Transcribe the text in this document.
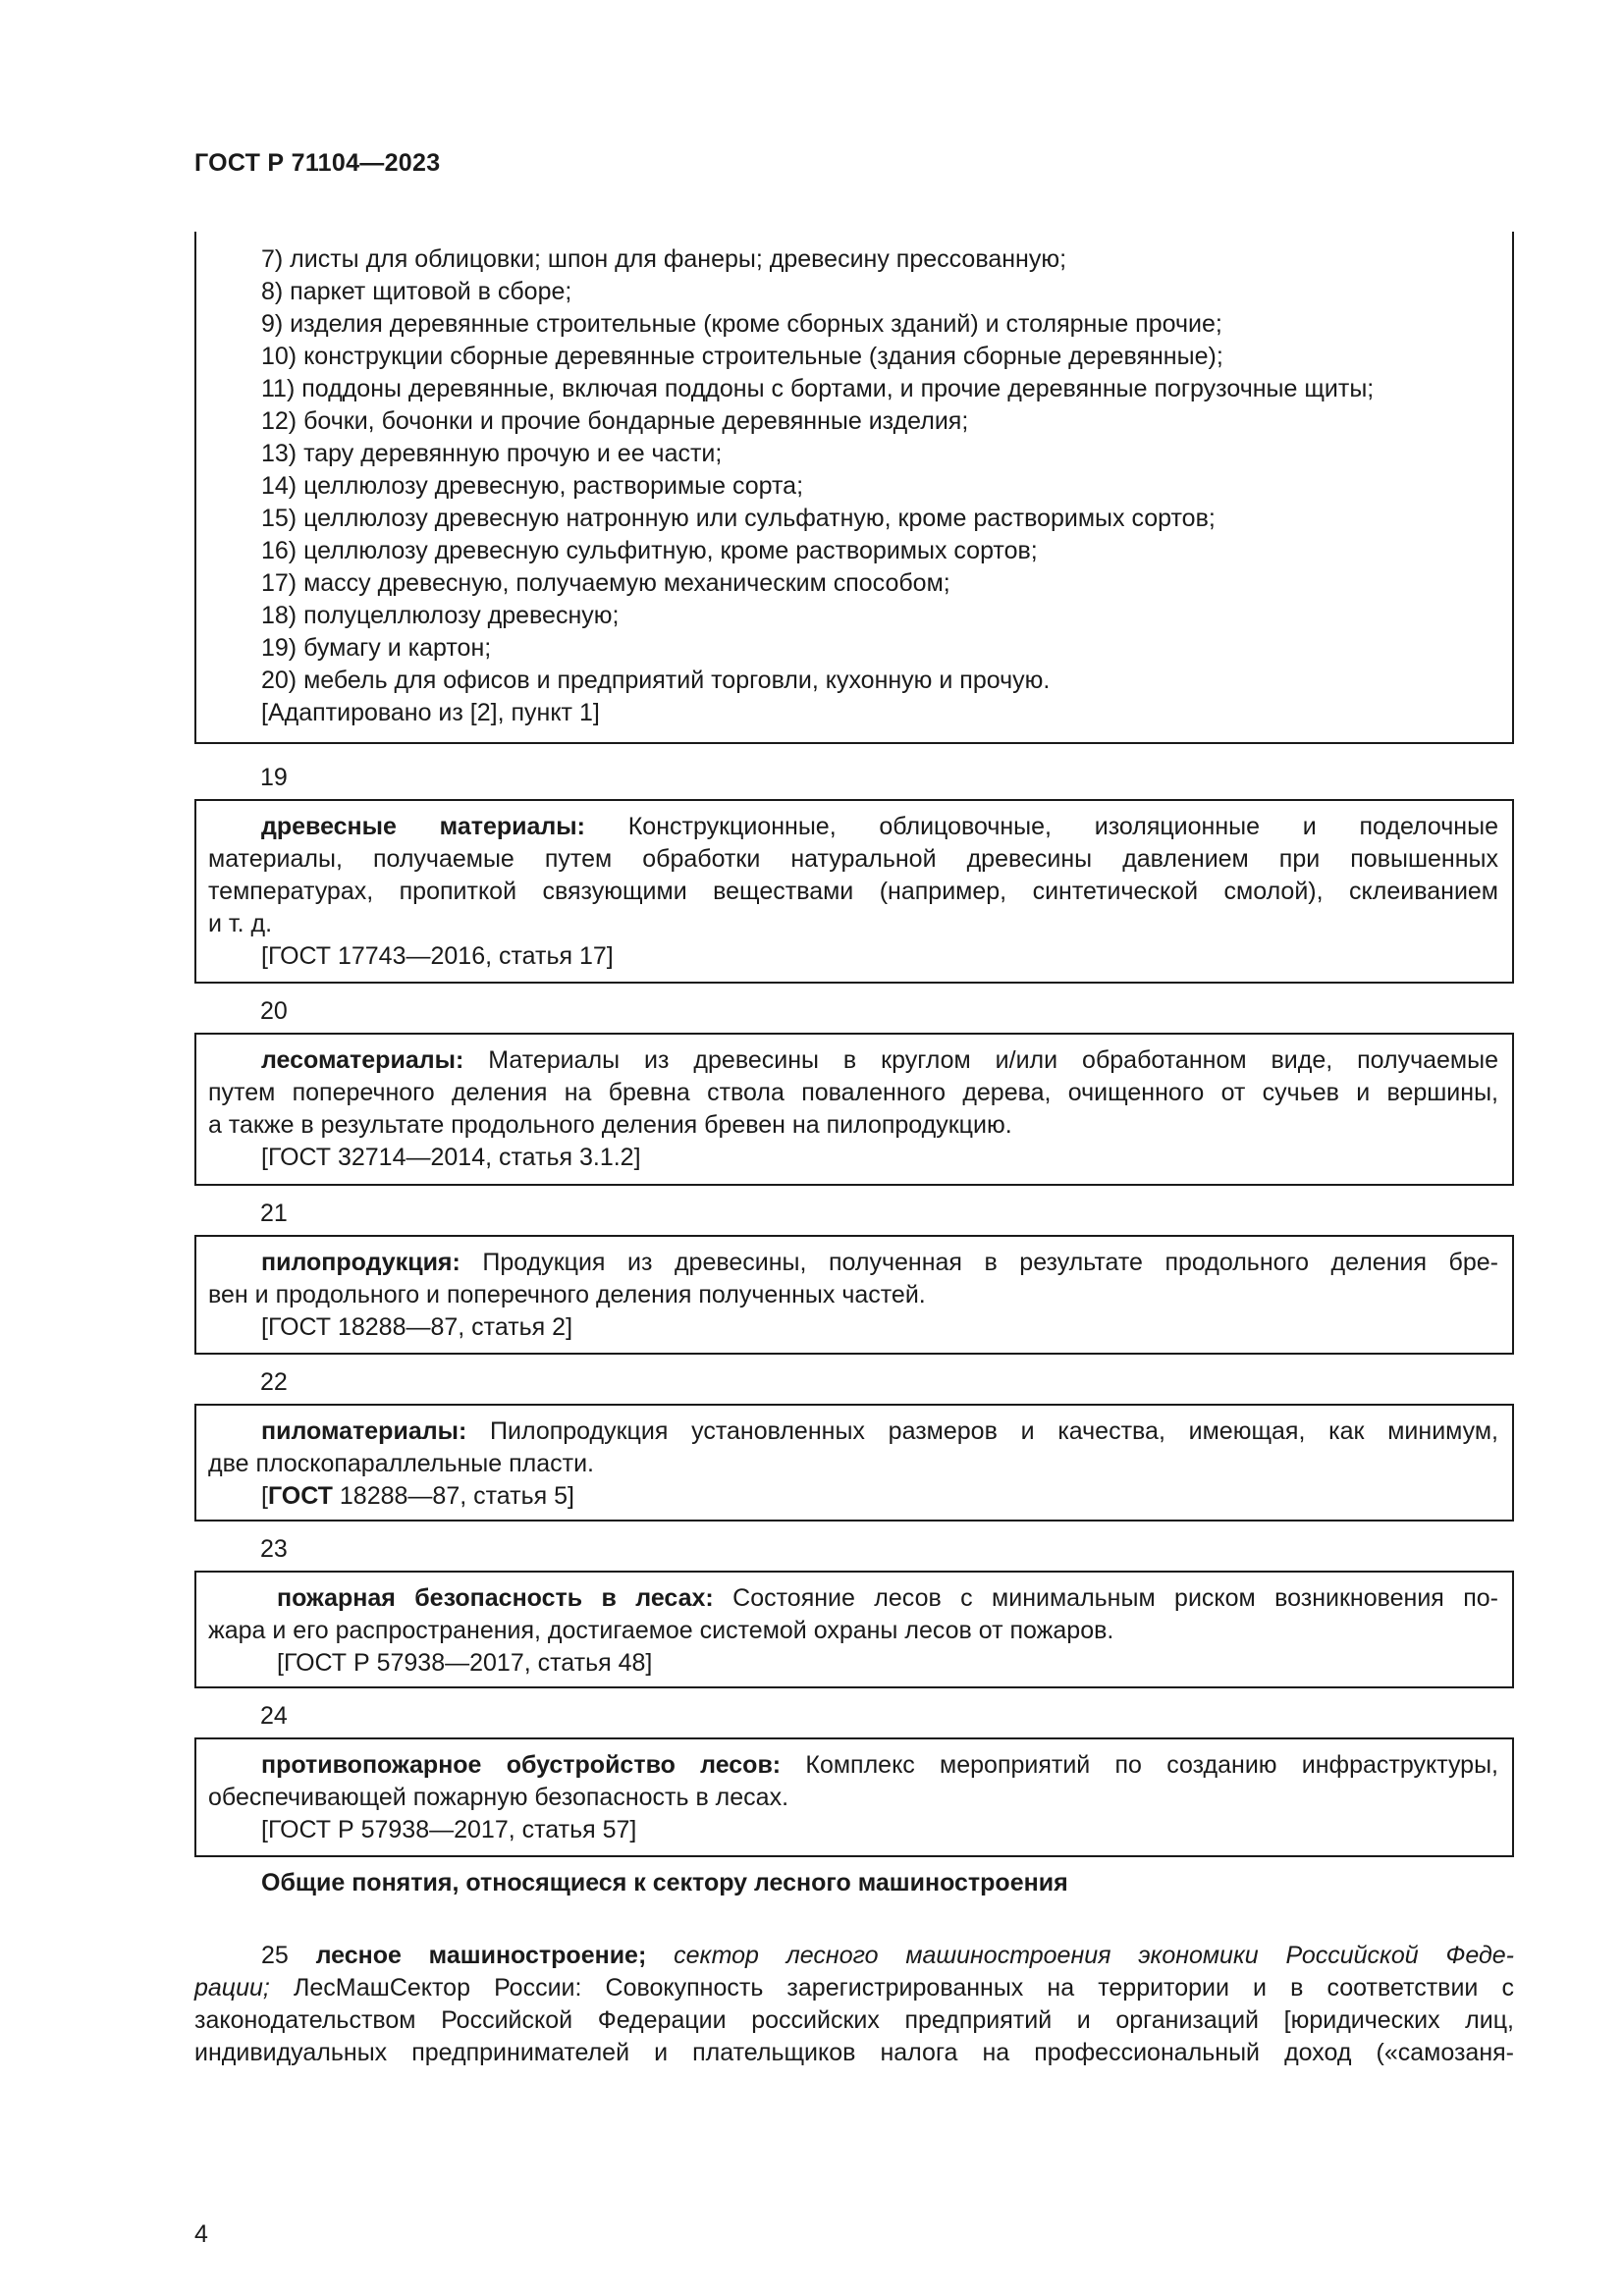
ГОСТ Р 71104—2023
7) листы для облицовки; шпон для фанеры; древесину прессованную;
8) паркет щитовой в сборе;
9) изделия деревянные строительные (кроме сборных зданий) и столярные прочие;
10) конструкции сборные деревянные строительные (здания сборные деревянные);
11) поддоны деревянные, включая поддоны с бортами, и прочие деревянные погрузочные щиты;
12) бочки, бочонки и прочие бондарные деревянные изделия;
13) тару деревянную прочую и ее части;
14) целлюлозу древесную, растворимые сорта;
15) целлюлозу древесную натронную или сульфатную, кроме растворимых сортов;
16) целлюлозу древесную сульфитную, кроме растворимых сортов;
17) массу древесную, получаемую механическим способом;
18) полуцеллюлозу древесную;
19) бумагу и картон;
20) мебель для офисов и предприятий торговли, кухонную и прочую.
[Адаптировано из [2], пункт 1]
19
древесные материалы: Конструкционные, облицовочные, изоляционные и поделочные
материалы, получаемые путем обработки натуральной древесины давлением при повышенных
температурах, пропиткой связующими веществами (например, синтетической смолой), склеиванием
и т. д.
[ГОСТ 17743—2016, статья 17]
20
лесоматериалы: Материалы из древесины в круглом и/или обработанном виде, получаемые
путем поперечного деления на бревна ствола поваленного дерева, очищенного от сучьев и вершины,
а также в результате продольного деления бревен на пилопродукцию.
[ГОСТ 32714—2014, статья 3.1.2]
21
пилопродукция: Продукция из древесины, полученная в результате продольного деления бре-
вен и продольного и поперечного деления полученных частей.
[ГОСТ 18288—87, статья 2]
22
пиломатериалы: Пилопродукция установленных размеров и качества, имеющая, как минимум,
две плоскопараллельные пласти.
[ГОСТ 18288—87, статья 5]
23
пожарная безопасность в лесах: Состояние лесов с минимальным риском возникновения по-
жара и его распространения, достигаемое системой охраны лесов от пожаров.
[ГОСТ Р 57938—2017, статья 48]
24
противопожарное обустройство лесов: Комплекс мероприятий по созданию инфраструктуры,
обеспечивающей пожарную безопасность в лесах.
[ГОСТ Р 57938—2017, статья 57]
Общие понятия, относящиеся к сектору лесного машиностроения
25 лесное машиностроение; сектор лесного машиностроения экономики Российской Феде-
рации; ЛесМашСектор России: Совокупность зарегистрированных на территории и в соответствии с
законодательством Российской Федерации российских предприятий и организаций [юридических лиц,
индивидуальных предпринимателей и плательщиков налога на профессиональный доход («самозаня-
4
